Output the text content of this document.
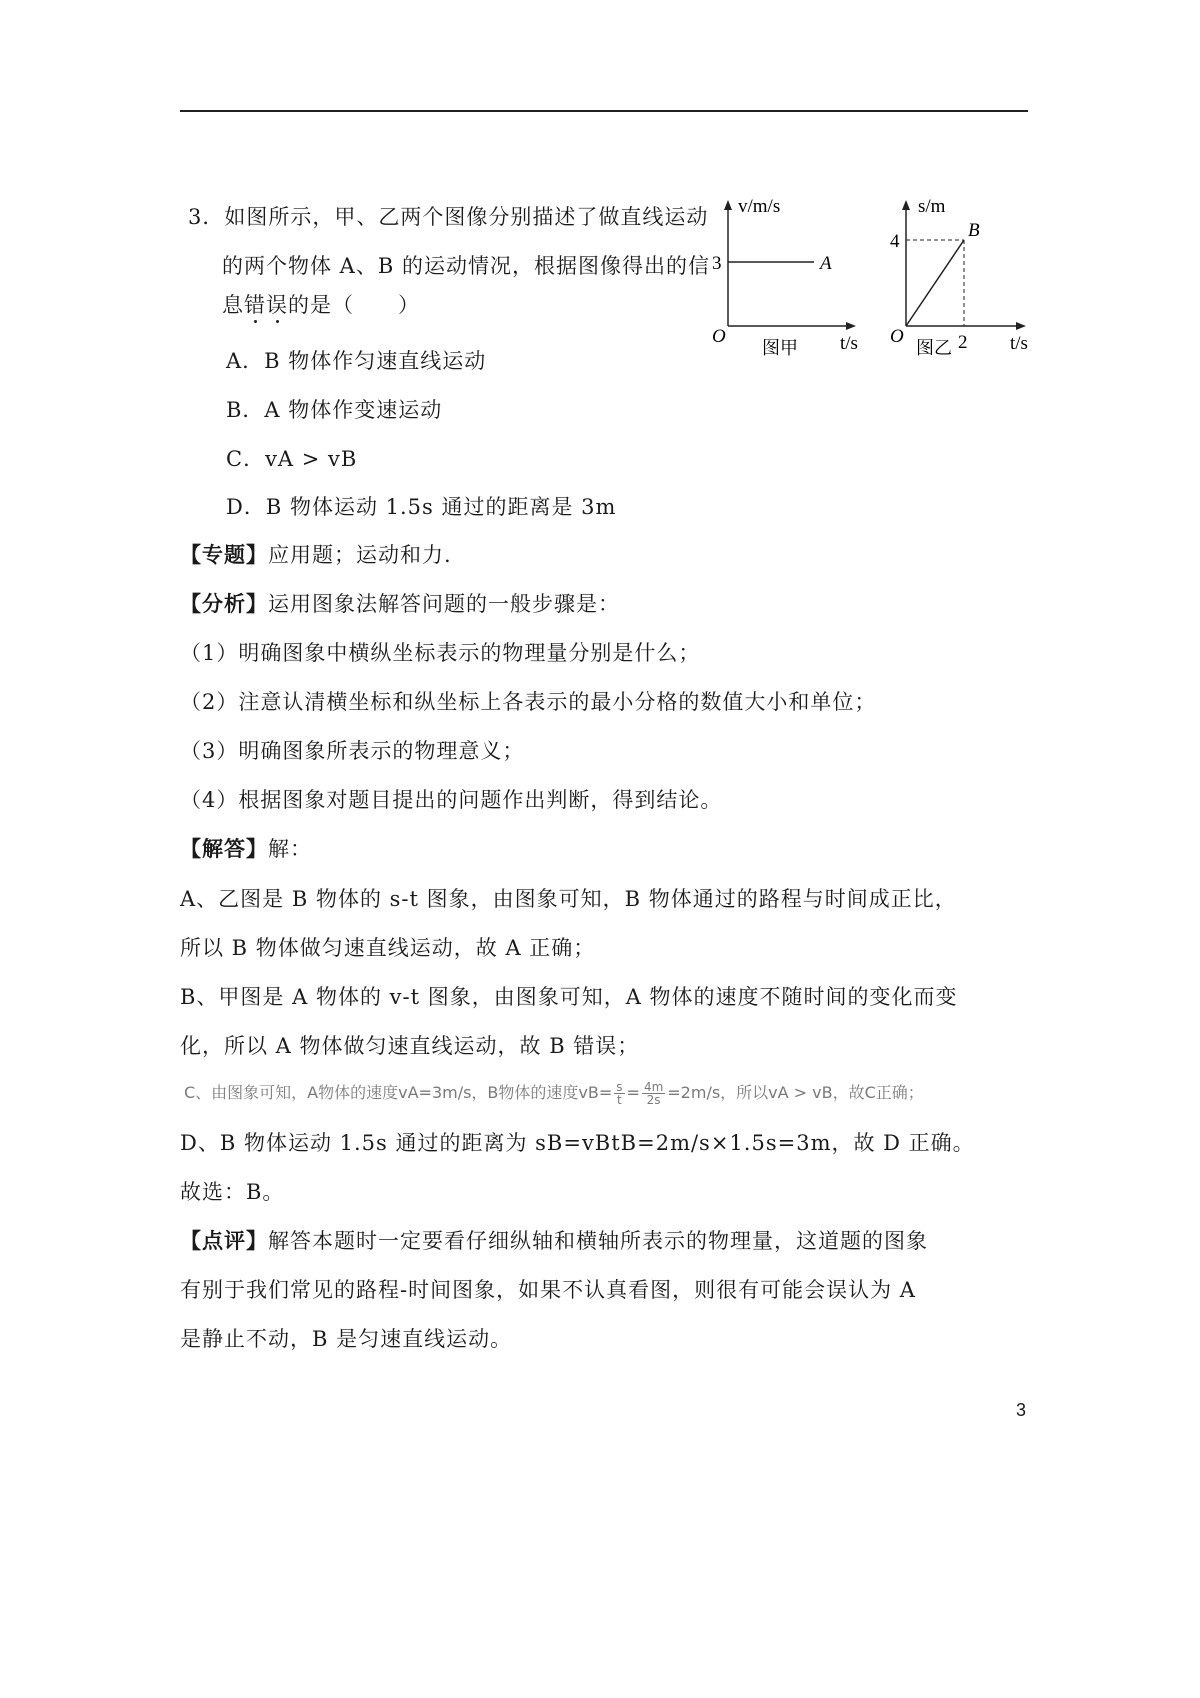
3．如图所示，甲、乙两个图像分别描述了做直线运动
的两个物体 A、B 的运动情况，根据图像得出的信
息错
误
的是（　　）
A．B 物体作匀速直线运动
B．A 物体作变速运动
C．vA > vB
D．B 物体运动 1.5s 通过的距离是 3m
v/m/s
3	A
O	t/s
图甲
s/m
4
B
O	2 t/s
图乙
【专题】应用题；运动和力.
【分析】运用图象法解答问题的一般步骤是：
（1）明确图象中横纵坐标表示的物理量分别是什么；
（2）注意认清横坐标和纵坐标上各表示的最小分格的数值大小和单位；
（3）明确图象所表示的物理意义；
（4）根据图象对题目提出的问题作出判断，得到结论。
【解答】解：
A、乙图是 B 物体的 s-t 图象，由图象可知，B 物体通过的路程与时间成正比，
所以 B 物体做匀速直线运动，故 A 正确；
B、甲图是 A 物体的 v-t 图象，由图象可知，A 物体的速度不随时间的变化而变
化，所以 A 物体做匀速直线运动，故 B 错误；
C、由图象可知，A物体的速度vA=3m/s，B物体的速度$vB= \frac{s}{t} = \frac{4m}{2s} =2m/s$，所以vA > vB，故C正确；
D、B 物体运动 1.5s 通过的距离为 sB=vBtB=2m/s×1.5s=3m，故 D 正确。
故选：B。
【点评】解答本题时一定要看仔细纵轴和横轴所表示的物理量，这道题的图象
有别于我们常见的路程-时间图象，如果不认真看图，则很有可能会误认为 A
是静止不动，B 是匀速直线运动。
3
